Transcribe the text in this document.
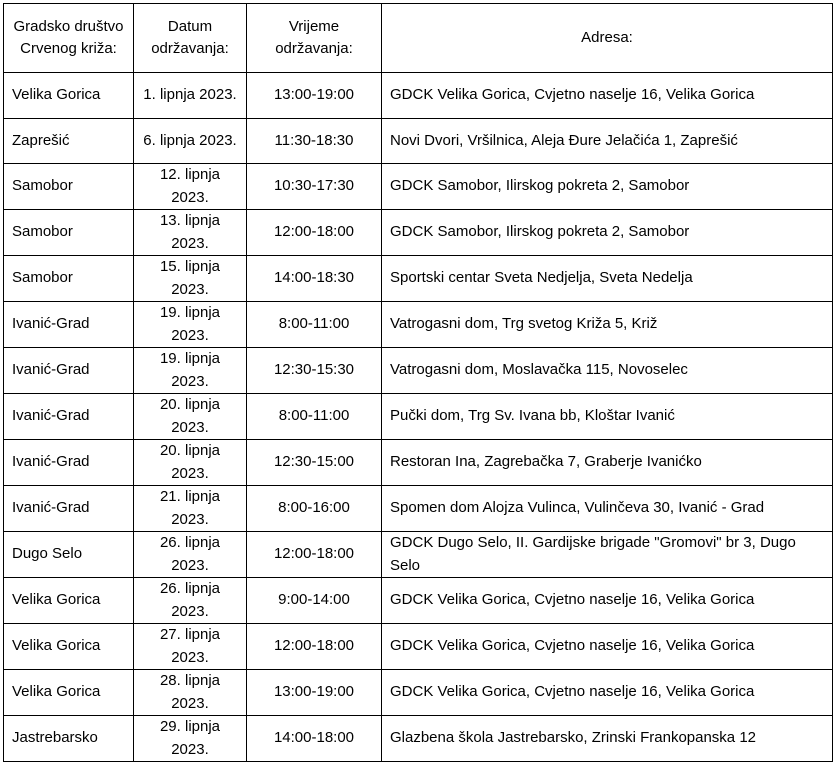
Gradsko društvo Crvenog križa:	Datum održavanja:	Vrijeme održavanja:	Adresa:
Velika Gorica	1. lipnja 2023.	13:00-19:00	GDCK Velika Gorica, Cvjetno naselje 16, Velika Gorica
Zaprešić	6. lipnja 2023.	11:30-18:30	Novi Dvori, Vršilnica, Aleja Đure Jelačića 1, Zaprešić
Samobor	12. lipnja 2023.	10:30-17:30	GDCK Samobor, Ilirskog pokreta 2, Samobor
Samobor	13. lipnja 2023.	12:00-18:00	GDCK Samobor, Ilirskog pokreta 2, Samobor
Samobor	15. lipnja 2023.	14:00-18:30	Sportski centar Sveta Nedjelja, Sveta Nedelja
Ivanić-Grad	19. lipnja 2023.	8:00-11:00	Vatrogasni dom, Trg svetog Križa 5, Križ
Ivanić-Grad	19. lipnja 2023.	12:30-15:30	Vatrogasni dom, Moslavačka 115, Novoselec
Ivanić-Grad	20. lipnja 2023.	8:00-11:00	Pučki dom, Trg Sv. Ivana bb, Kloštar Ivanić
Ivanić-Grad	20. lipnja 2023.	12:30-15:00	Restoran Ina, Zagrebačka 7, Graberje Ivanićko
Ivanić-Grad	21. lipnja 2023.	8:00-16:00	Spomen dom Alojza Vulinca, Vulinčeva 30, Ivanić - Grad
Dugo Selo	26. lipnja 2023.	12:00-18:00	GDCK Dugo Selo, II. Gardijske brigade "Gromovi" br 3, Dugo Selo
Velika Gorica	26. lipnja 2023.	9:00-14:00	GDCK Velika Gorica, Cvjetno naselje 16, Velika Gorica
Velika Gorica	27. lipnja 2023.	12:00-18:00	GDCK Velika Gorica, Cvjetno naselje 16, Velika Gorica
Velika Gorica	28. lipnja 2023.	13:00-19:00	GDCK Velika Gorica, Cvjetno naselje 16, Velika Gorica
Jastrebarsko	29. lipnja 2023.	14:00-18:00	Glazbena škola Jastrebarsko, Zrinski Frankopanska 12
